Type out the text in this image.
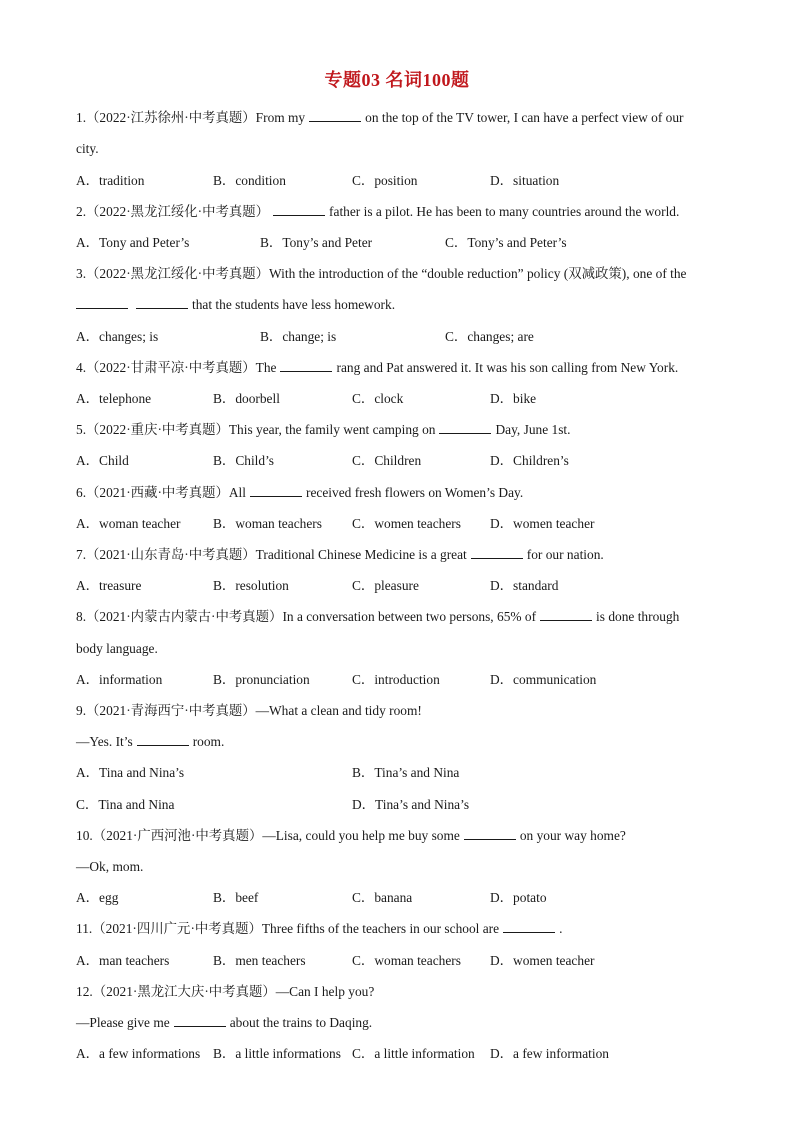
专题03 名词100题
1.（2022·江苏徐州·中考真题）From my	on the top of the TV tower, I can have a perfect view of our
city.
A．tradition	B．condition	C．position	D．situation
2.（2022·黑龙江绥化·中考真题）	father is a pilot. He has been to many countries around the world.
A．Tony and Peter’s	B．Tony’s and Peter	C．Tony’s and Peter’s
3.（2022·黑龙江绥化·中考真题）With the introduction of the “double reduction” policy (双减政策), one of the
that the students have less homework.
A．changes; is	B．change; is	C．changes; are
4.（2022·甘肃平凉·中考真题）The	rang and Pat answered it. It was his son calling from New York.
A．telephone	B．doorbell	C．clock	D．bike
5.（2022·重庆·中考真题）This year, the family went camping on	Day, June 1st.
A．Child	B．Child’s	C．Children	D．Children’s
6.（2021·西藏·中考真题）All	received fresh flowers on Women’s Day.
A．woman teacher B．woman teachers C．women teachers D．women teacher
7.（2021·山东青岛·中考真题）Traditional Chinese Medicine is a great	for our nation.
A．treasure	B．resolution	C．pleasure	D．standard
8.（2021·内蒙古内蒙古·中考真题）In a conversation between two persons, 65% of	is done through
body language.
A．information	B．pronunciation	C．introduction	D．communication
9.（2021·青海西宁·中考真题）—What a clean and tidy room!
—Yes. It’s	room.
A．Tina and Nina’s	B．Tina’s and Nina
C．Tina and Nina	D．Tina’s and Nina’s
10.（2021·广西河池·中考真题）—Lisa, could you help me buy some	on your way home?
—Ok, mom.
A．egg	B．beef	C．banana	D．potato
11.（2021·四川广元·中考真题）Three fifths of the teachers in our school are	.
A．man teachers	B．men teachers	C．woman teachers D．women teacher
12.（2021·黑龙江大庆·中考真题）—Can I help you?
—Please give me	about the trains to Daqing.
A．a few informations B．a little informations C．a little information D．a few information
